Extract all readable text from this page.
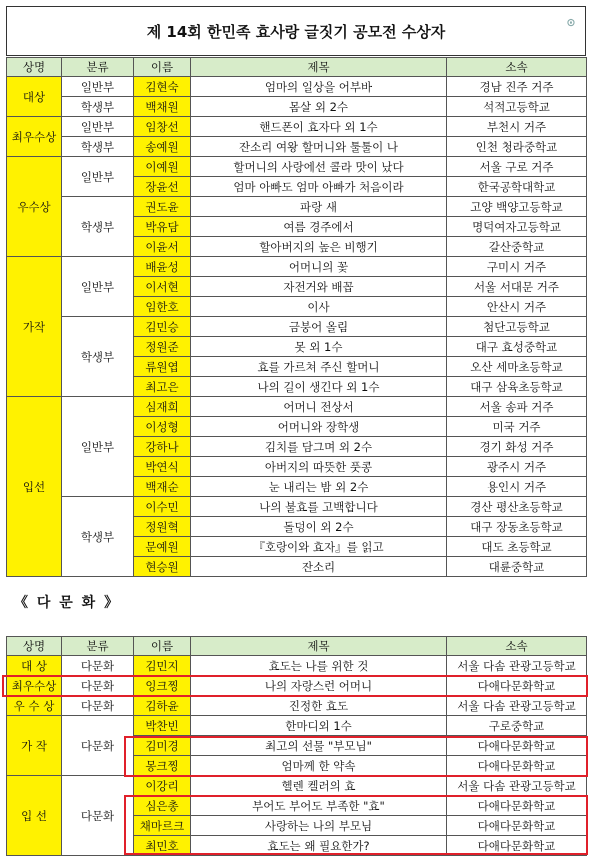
제 14회 한민족 효사랑 글짓기 공모전 수상자	⊙
상명	분류	이름	제목	소속
대상	일반부	김현숙	엄마의 일상을 어부바	경남 진주 거주
	학생부	백채원	몸살 외 2수	석적고등학교
최우수상	일반부	임창선	핸드폰이 효자다 외 1수	부천시 거주
	학생부	송예원	잔소리 여왕 할머니와 툴툴이 나	인천 청라중학교
우수상	일반부	이예원	할머니의 사랑에선 콜라 맛이 났다	서울 구로 거주
		장윤선	엄마 아빠도 엄마 아빠가 처음이라	한국공학대학교
	학생부	권도윤	파랑 새	고양 백양고등학교
		박유담	여름 경주에서	명덕여자고등학교
		이윤서	할아버지의 높은 비행기	갈산중학교
가작	일반부	배윤성	어머니의 꽃	구미시 거주
		이서현	자전거와 배꼽	서울 서대문 거주
		임한호	이사	안산시 거주
	학생부	김민승	금붕어 올림	첨단고등학교
		정원준	못 외 1수	대구 효성중학교
		류원엽	효를 가르쳐 주신 할머니	오산 세마초등학교
		최고은	나의 길이 생긴다 외 1수	대구 삼육초등학교
입선	일반부	심재희	어머니 전상서	서울 송파 거주
		이성형	어머니와 장학생	미국 거주
		강하나	김치를 담그며 외 2수	경기 화성 거주
		박연식	아버지의 따뜻한 풋콩	광주시 거주
		백재순	눈 내리는 밤 외 2수	용인시 거주
	학생부	이수민	나의 불효를 고백합니다	경산 평산초등학교
		정원혁	돌덩이 외 2수	대구 장동초등학교
		문예원	『호랑이와 효자』를 읽고	대도 초등학교
		현승원	잔소리	대륜중학교
《 다 문 화 》
상명	분류	이름	제목	소속
대 상	다문화	김민지	효도는 나를 위한 것	서울 다솜 관광고등학교
최우수상	다문화	잉크찡	나의 자랑스런 어머니	다애다문화학교
우 수 상	다문화	김하윤	진정한 효도	서울 다솜 관광고등학교
가 작	다문화	박찬빈	한마디외 1수	구로중학교
		김미경	최고의 선물 "부모님"	다애다문화학교
		몽크찡	엄마께 한 약속	다애다문화학교
입 선	다문화	이강리	헬렌 켈러의 효	서울 다솜 관광고등학교
		심은총	부어도 부어도 부족한 "효"	다애다문화학교
		채마르크	사랑하는 나의 부모님	다애다문화학교
		최민호	효도는 왜 필요한가?	다애다문화학교
